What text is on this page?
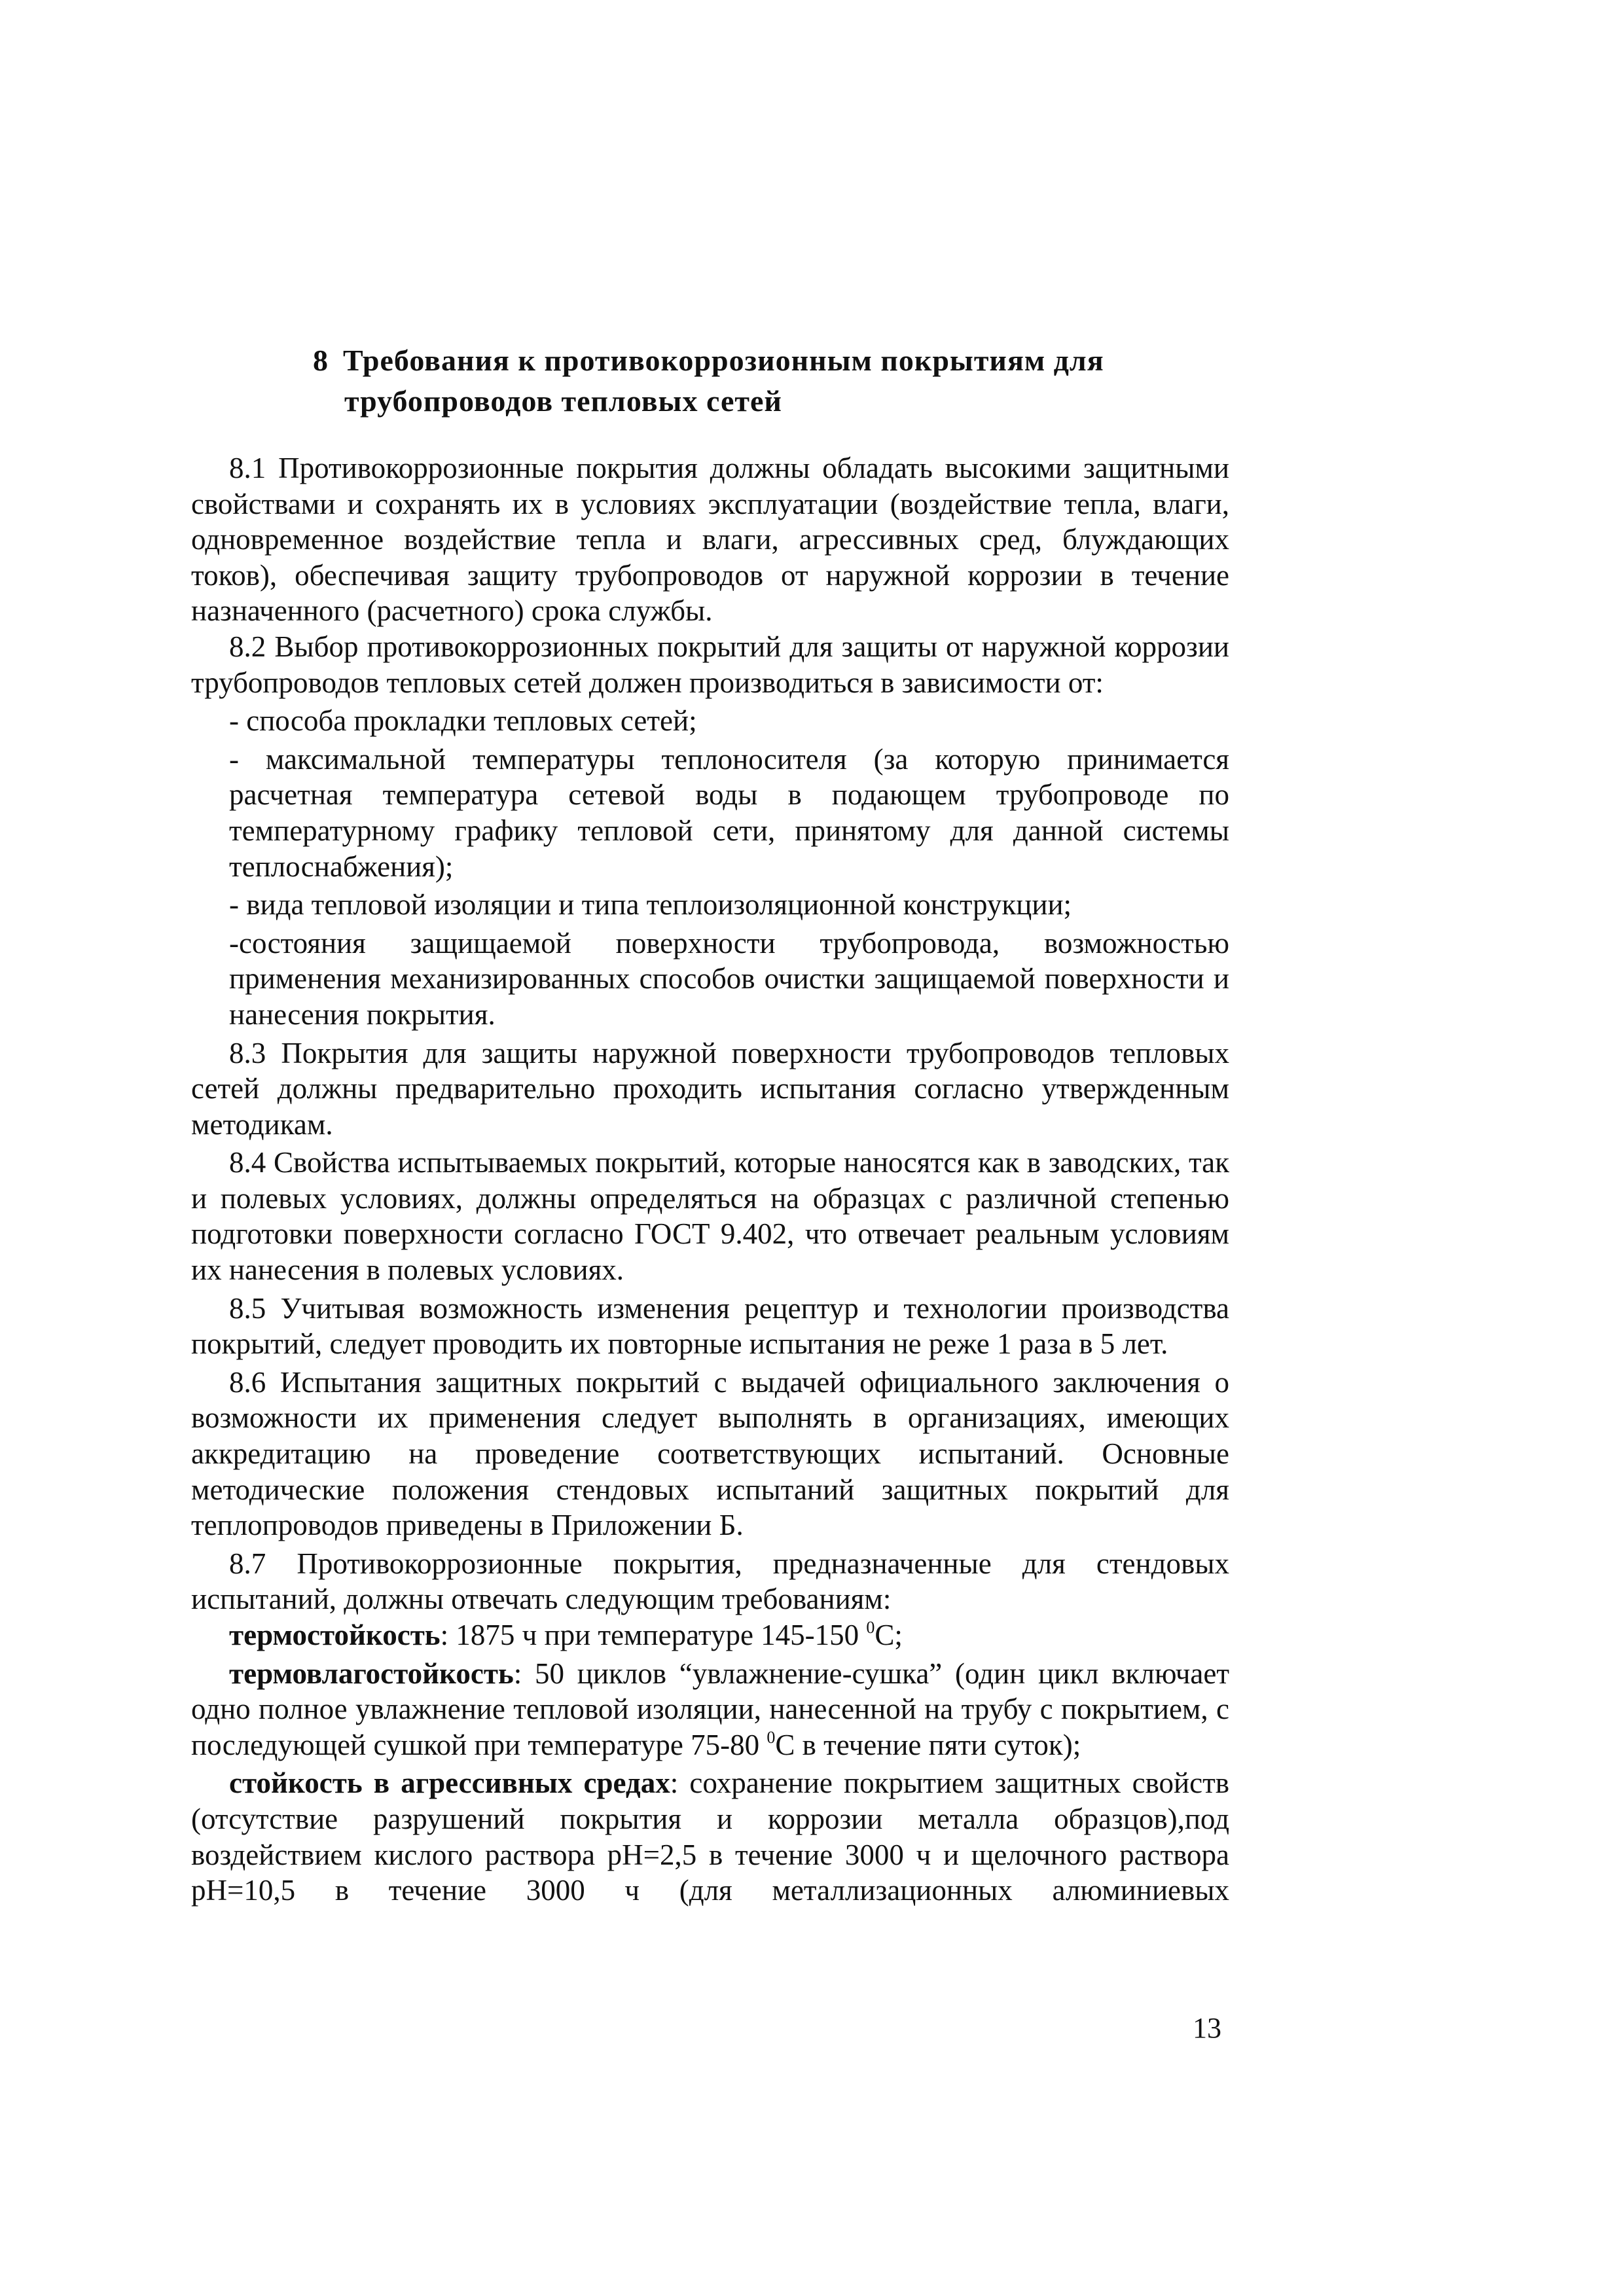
8 Требования к противокоррозионным покрытиям для
трубопроводов тепловых сетей

8.1 Противокоррозионные покрытия должны обладать высокими защитными свойствами и сохранять их в условиях эксплуатации (воздействие тепла, влаги, одновременное воздействие тепла и влаги, агрессивных сред, блуждающих токов), обеспечивая защиту трубопроводов от наружной коррозии в течение назначенного (расчетного) срока службы.

8.2 Выбор противокоррозионных покрытий для защиты от наружной коррозии трубопроводов тепловых сетей должен производиться в зависимости от:

- способа прокладки тепловых сетей;

- максимальной температуры теплоносителя (за которую принимается расчетная температура сетевой воды в подающем трубопроводе по температурному графику тепловой сети, принятому для данной системы теплоснабжения);

- вида тепловой изоляции и типа теплоизоляционной конструкции;

-состояния защищаемой поверхности трубопровода, возможностью применения механизированных способов очистки защищаемой поверхности и нанесения покрытия.

8.3 Покрытия для защиты наружной поверхности трубопроводов тепловых сетей должны предварительно проходить испытания согласно утвержденным методикам.

8.4 Свойства испытываемых покрытий, которые наносятся как в заводских, так и полевых условиях, должны определяться на образцах с различной степенью подготовки поверхности согласно ГОСТ 9.402, что отвечает реальным условиям их нанесения в полевых условиях.

8.5 Учитывая возможность изменения рецептур и технологии производства покрытий, следует проводить их повторные испытания не реже 1 раза в 5 лет.

8.6 Испытания защитных покрытий с выдачей официального заключения о возможности их применения следует выполнять в организациях, имеющих аккредитацию на проведение соответствующих испытаний. Основные методические положения стендовых испытаний защитных покрытий для теплопроводов приведены в Приложении Б.

8.7 Противокоррозионные покрытия, предназначенные для стендовых испытаний, должны отвечать следующим требованиям:

термостойкость: 1875 ч при температуре 145-150 $^0$С;

термовлагостойкость: 50 циклов “увлажнение-сушка” (один цикл включает одно полное увлажнение тепловой изоляции, нанесенной на трубу с покрытием, с последующей сушкой при температуре 75-80 $^0$С в течение пяти суток);

стойкость в агрессивных средах: сохранение покрытием защитных свойств (отсутствие разрушений покрытия и коррозии металла образцов),под воздействием кислого раствора рН=2,5 в течение 3000 ч и щелочного раствора рН=10,5 в течение 3000 ч (для металлизационных алюминиевых

13
